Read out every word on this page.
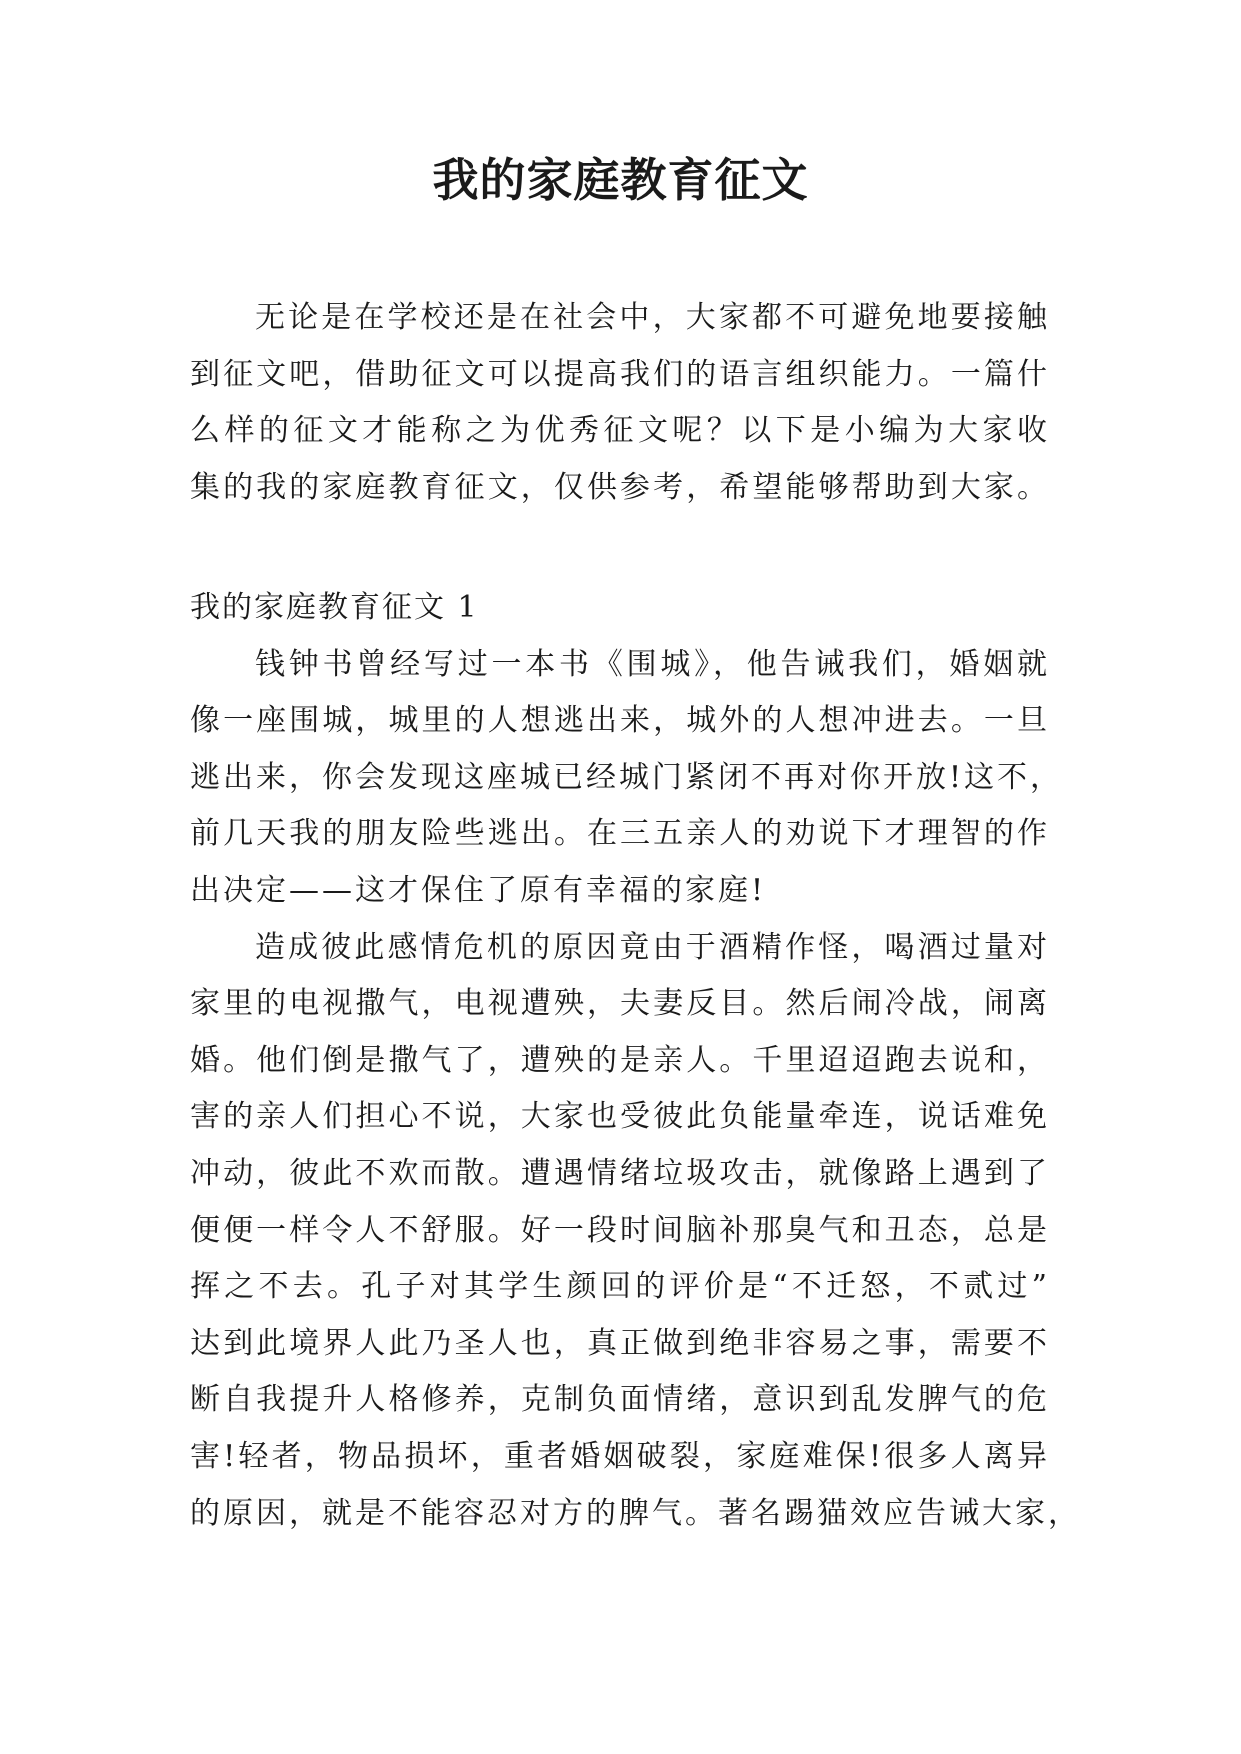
我的家庭教育征文
无论是在学校还是在社会中，大家都不可避免地要接触
到征文吧，借助征文可以提高我们的语言组织能力。一篇什
么样的征文才能称之为优秀征文呢？以下是小编为大家收
集的我的家庭教育征文，仅供参考，希望能够帮助到大家。
我的家庭教育征文 1
钱钟书曾经写过一本书《围城》，他告诫我们，婚姻就
像一座围城，城里的人想逃出来，城外的人想冲进去。一旦
逃出来，你会发现这座城已经城门紧闭不再对你开放!这不，
前几天我的朋友险些逃出。在三五亲人的劝说下才理智的作
出决定——这才保住了原有幸福的家庭!
造成彼此感情危机的原因竟由于酒精作怪，喝酒过量对
家里的电视撒气，电视遭殃，夫妻反目。然后闹冷战，闹离
婚。他们倒是撒气了，遭殃的是亲人。千里迢迢跑去说和，
害的亲人们担心不说，大家也受彼此负能量牵连，说话难免
冲动，彼此不欢而散。遭遇情绪垃圾攻击，就像路上遇到了
便便一样令人不舒服。好一段时间脑补那臭气和丑态，总是
挥之不去。孔子对其学生颜回的评价是“不迁怒，不贰过”
达到此境界人此乃圣人也，真正做到绝非容易之事，需要不
断自我提升人格修养，克制负面情绪，意识到乱发脾气的危
害!轻者，物品损坏，重者婚姻破裂，家庭难保!很多人离异
的原因，就是不能容忍对方的脾气。著名踢猫效应告诫大家，
